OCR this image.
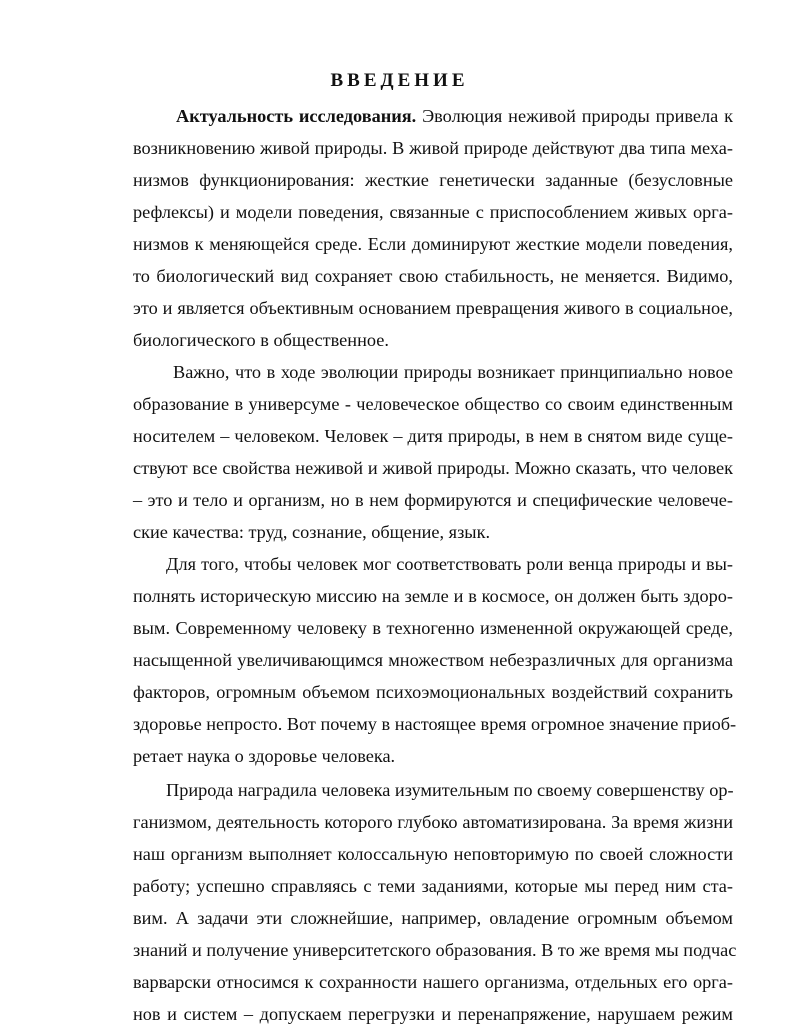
ВВЕДЕНИЕ
Актуальность исследования. Эволюция неживой природы привела к
возникновению живой природы. В живой природе действуют два типа меха-
низмов функционирования: жесткие генетически заданные (безусловные
рефлексы) и модели поведения, связанные с приспособлением живых орга-
низмов к меняющейся среде. Если доминируют жесткие модели поведения,
то биологический вид сохраняет свою стабильность, не меняется. Видимо,
это и является объективным основанием превращения живого в социальное,
биологического в общественное.
Важно, что в ходе эволюции природы возникает принципиально новое
образование в универсуме - человеческое общество со своим единственным
носителем – человеком. Человек – дитя природы, в нем в снятом виде суще-
ствуют все свойства неживой и живой природы. Можно сказать, что человек
– это и тело и организм, но в нем формируются и специфические человече-
ские качества: труд, сознание, общение, язык.
Для того, чтобы человек мог соответствовать роли венца природы и вы-
полнять историческую миссию на земле и в космосе, он должен быть здоро-
вым. Современному человеку в техногенно измененной окружающей среде,
насыщенной увеличивающимся множеством небезразличных для организма
факторов, огромным объемом психоэмоциональных воздействий сохранить
здоровье непросто. Вот почему в настоящее время огромное значение приоб-
ретает наука о здоровье человека.
Природа наградила человека изумительным по своему совершенству ор-
ганизмом, деятельность которого глубоко автоматизирована. За время жизни
наш организм выполняет колоссальную неповторимую по своей сложности
работу; успешно справляясь с теми заданиями, которые мы перед ним ста-
вим. А задачи эти сложнейшие, например, овладение огромным объемом
знаний и получение университетского образования. В то же время мы подчас
варварски относимся к сохранности нашего организма, отдельных его орга-
нов и систем – допускаем перегрузки и перенапряжение, нарушаем режим
